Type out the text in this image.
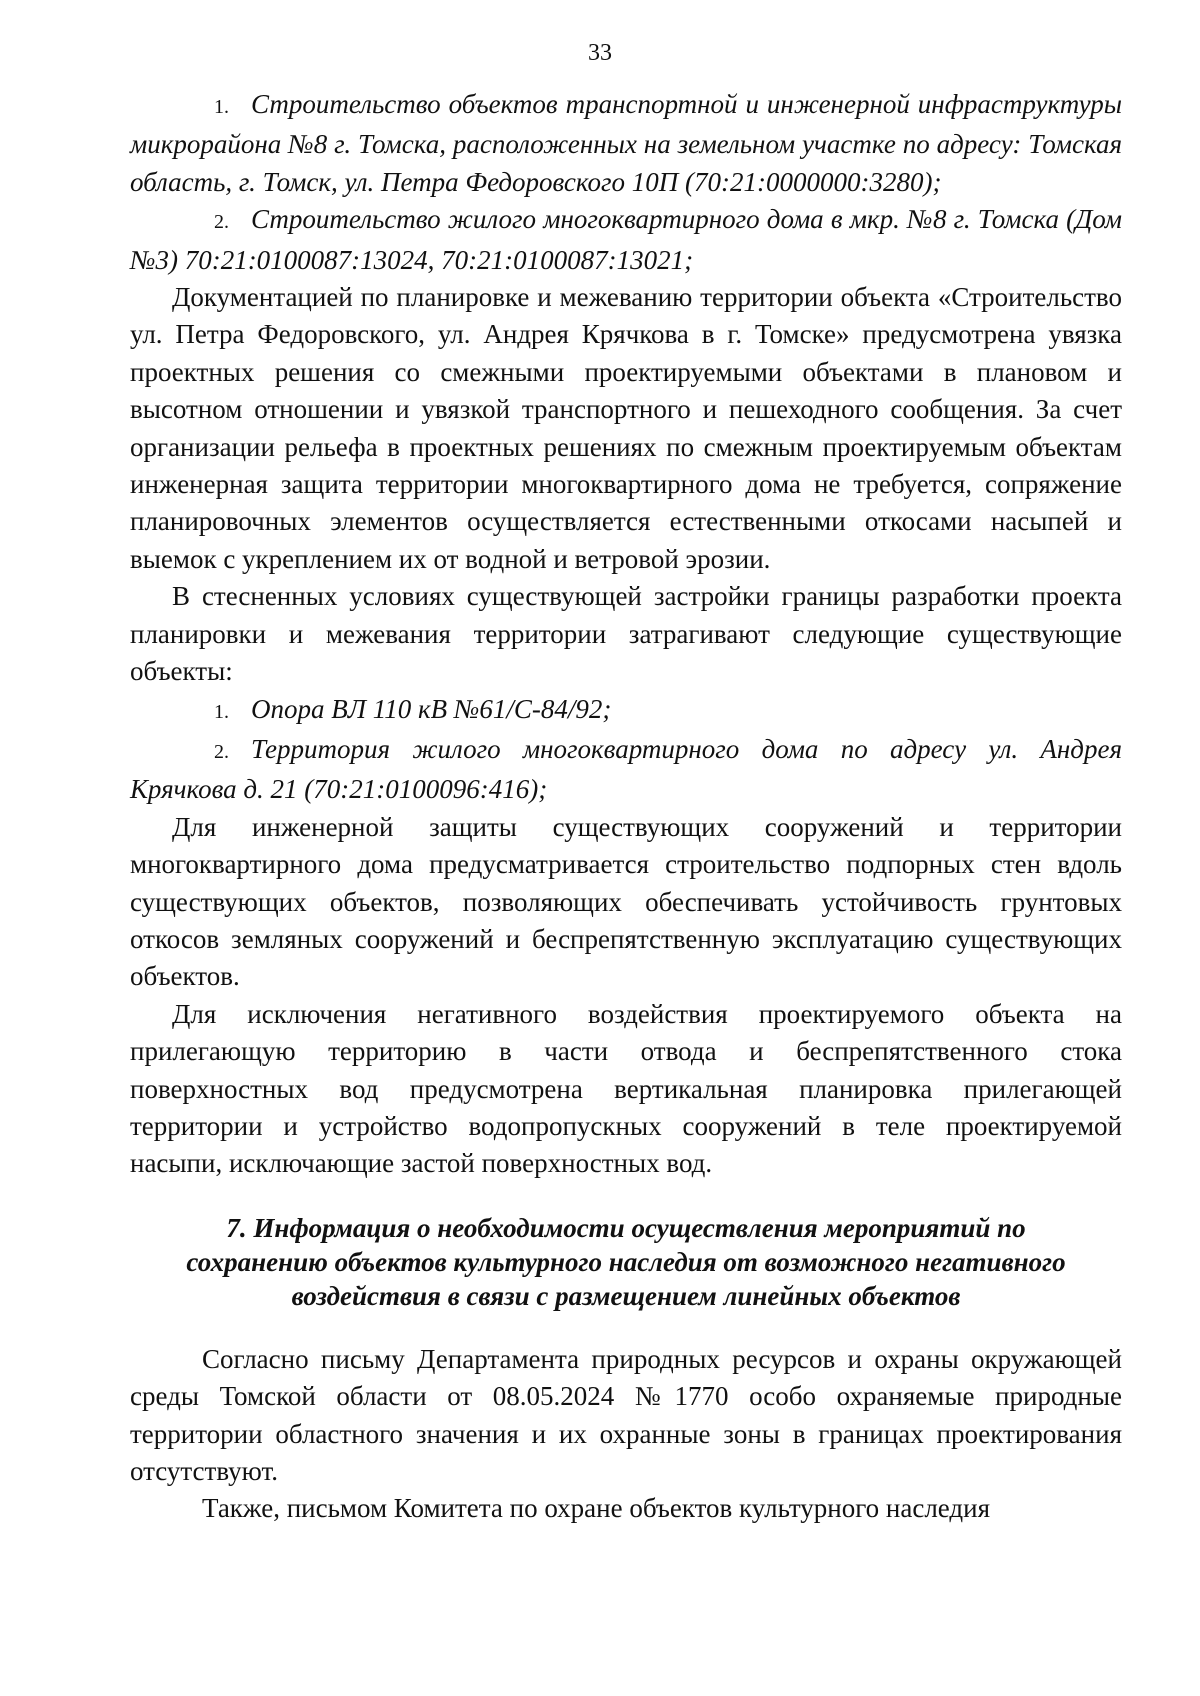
33

1. Строительство объектов транспортной и инженерной инфраструктуры микрорайона №8 г. Томска, расположенных на земельном участке по адресу: Томская область, г. Томск, ул. Петра Федоровского 10П (70:21:0000000:3280);

2. Строительство жилого многоквартирного дома в мкр. №8 г. Томска (Дом №3) 70:21:0100087:13024, 70:21:0100087:13021;

Документацией по планировке и межеванию территории объекта «Строительство ул. Петра Федоровского, ул. Андрея Крячкова в г. Томске» предусмотрена увязка проектных решения со смежными проектируемыми объектами в плановом и высотном отношении и увязкой транспортного и пешеходного сообщения. За счет организации рельефа в проектных решениях по смежным проектируемым объектам инженерная защита территории многоквартирного дома не требуется, сопряжение планировочных элементов осуществляется естественными откосами насыпей и выемок с укреплением их от водной и ветровой эрозии.

В стесненных условиях существующей застройки границы разработки проекта планировки и межевания территории затрагивают следующие существующие объекты:

1. Опора ВЛ 110 кВ №61/С-84/92;

2. Территория жилого многоквартирного дома по адресу ул. Андрея Крячкова д. 21 (70:21:0100096:416);

Для инженерной защиты существующих сооружений и территории многоквартирного дома предусматривается строительство подпорных стен вдоль существующих объектов, позволяющих обеспечивать устойчивость грунтовых откосов земляных сооружений и беспрепятственную эксплуатацию существующих объектов.

Для исключения негативного воздействия проектируемого объекта на прилегающую территорию в части отвода и беспрепятственного стока поверхностных вод предусмотрена вертикальная планировка прилегающей территории и устройство водопропускных сооружений в теле проектируемой насыпи, исключающие застой поверхностных вод.

7. Информация о необходимости осуществления мероприятий по сохранению объектов культурного наследия от возможного негативного воздействия в связи с размещением линейных объектов

Согласно письму Департамента природных ресурсов и охраны окружающей среды Томской области от 08.05.2024 №1770 особо охраняемые природные территории областного значения и их охранные зоны в границах проектирования отсутствуют.

Также, письмом Комитета по охране объектов культурного наследия
